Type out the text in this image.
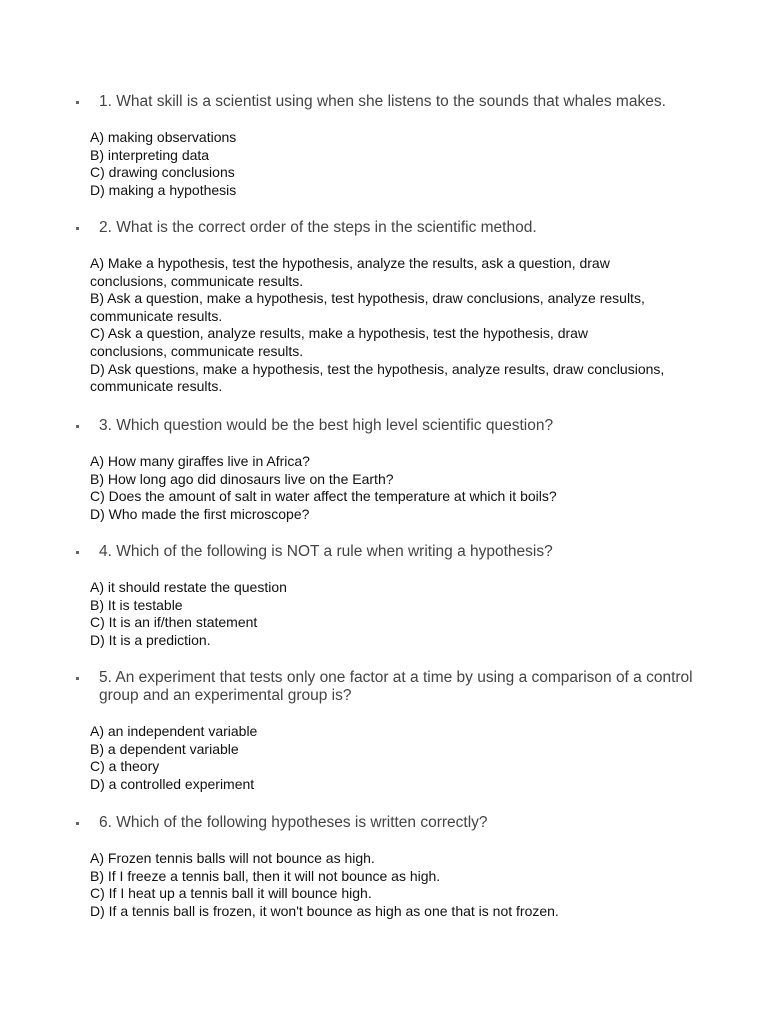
1. What skill is a scientist using when she listens to the sounds that whales makes.
A) making observations
B) interpreting data
C) drawing conclusions
D) making a hypothesis
2. What is the correct order of the steps in the scientific method.
A) Make a hypothesis, test the hypothesis, analyze the results, ask a question, draw conclusions, communicate results.
B) Ask a question, make a hypothesis, test hypothesis, draw conclusions, analyze results, communicate results.
C) Ask a question, analyze results, make a hypothesis, test the hypothesis, draw conclusions, communicate results.
D) Ask questions, make a hypothesis, test the hypothesis, analyze results, draw conclusions, communicate results.
3. Which question would be the best high level scientific question?
A) How many giraffes live in Africa?
B) How long ago did dinosaurs live on the Earth?
C) Does the amount of salt in water affect the temperature at which it boils?
D) Who made the first microscope?
4. Which of the following is NOT a rule when writing a hypothesis?
A) it should restate the question
B) It is testable
C) It is an if/then statement
D) It is a prediction.
5. An experiment that tests only one factor at a time by using a comparison of a control group and an experimental group is?
A) an independent variable
B) a dependent variable
C) a theory
D) a controlled experiment
6. Which of the following hypotheses is written correctly?
A) Frozen tennis balls will not bounce as high.
B) If I freeze a tennis ball, then it will not bounce as high.
C) If I heat up a tennis ball it will bounce high.
D) If a tennis ball is frozen, it won't bounce as high as one that is not frozen.
